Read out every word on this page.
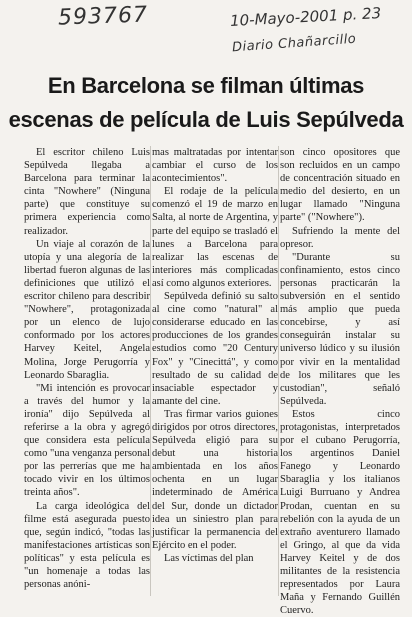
593767	10-Mayo-2001 p. 23
Diario Chañarcillo
En Barcelona se filman últimas
escenas de película de Luis Sepúlveda

El escritor chileno Luis Sepúlveda llegaba a Barcelona para terminar la cinta "Nowhere" (Ninguna parte) que constituye su primera experiencia como realizador.

Un viaje al corazón de la utopía y una alegoría de la libertad fueron algunas de las definiciones que utilizó el escritor chileno para describir "Nowhere", protagonizada por un elenco de lujo conformado por los actores Harvey Keitel, Angela Molina, Jorge Perugorría y Leonardo Sbaraglia.

"Mi intención es provocar a través del humor y la ironía" dijo Sepúlveda al referirse a la obra y agregó que considera esta película como "una venganza personal por las perrerías que me ha tocado vivir en los últimos treinta años".

La carga ideológica del filme está asegurada puesto que, según indicó, "todas las manifestaciones artísticas son políticas" y esta película es "un homenaje a todas las personas anóni-

mas maltratadas por intentar cambiar el curso de los acontecimientos".

El rodaje de la película comenzó el 19 de marzo en Salta, al norte de Argentina, y parte del equipo se trasladó el lunes a Barcelona para realizar las escenas de interiores más complicadas así como algunos exteriores.

Sepúlveda definió su salto al cine como "natural" al considerarse educado en las producciones de los grandes estudios como "20 Century Fox" y "Cinecittá", y como resultado de su calidad de insaciable espectador y amante del cine.

Tras firmar varios guiones dirigidos por otros directores, Sepúlveda eligió para su debut una historia ambientada en los años ochenta en un lugar indeterminado de América del Sur, donde un dictador idea un siniestro plan para justificar la permanencia del Ejército en el poder.

Las víctimas del plan

son cinco opositores que son recluidos en un campo de concentración situado en medio del desierto, en un lugar llamado "Ninguna parte" ("Nowhere").

Sufriendo la mente del opresor.

"Durante su confinamiento, estos cinco personas practicarán la subversión en el sentido más amplio que pueda concebirse, y así conseguirán instalar su universo lúdico y su ilusión por vivir en la mentalidad de los militares que les custodian", señaló Sepúlveda.

Estos cinco protagonistas, interpretados por el cubano Perugorría, los argentinos Daniel Fanego y Leonardo Sbaraglia y los italianos Luigi Burruano y Andrea Prodan, cuentan en su rebelión con la ayuda de un extraño aventurero llamado el Gringo, al que da vida Harvey Keitel y de dos militantes de la resistencia representados por Laura Maña y Fernando Guillén Cuervo.
